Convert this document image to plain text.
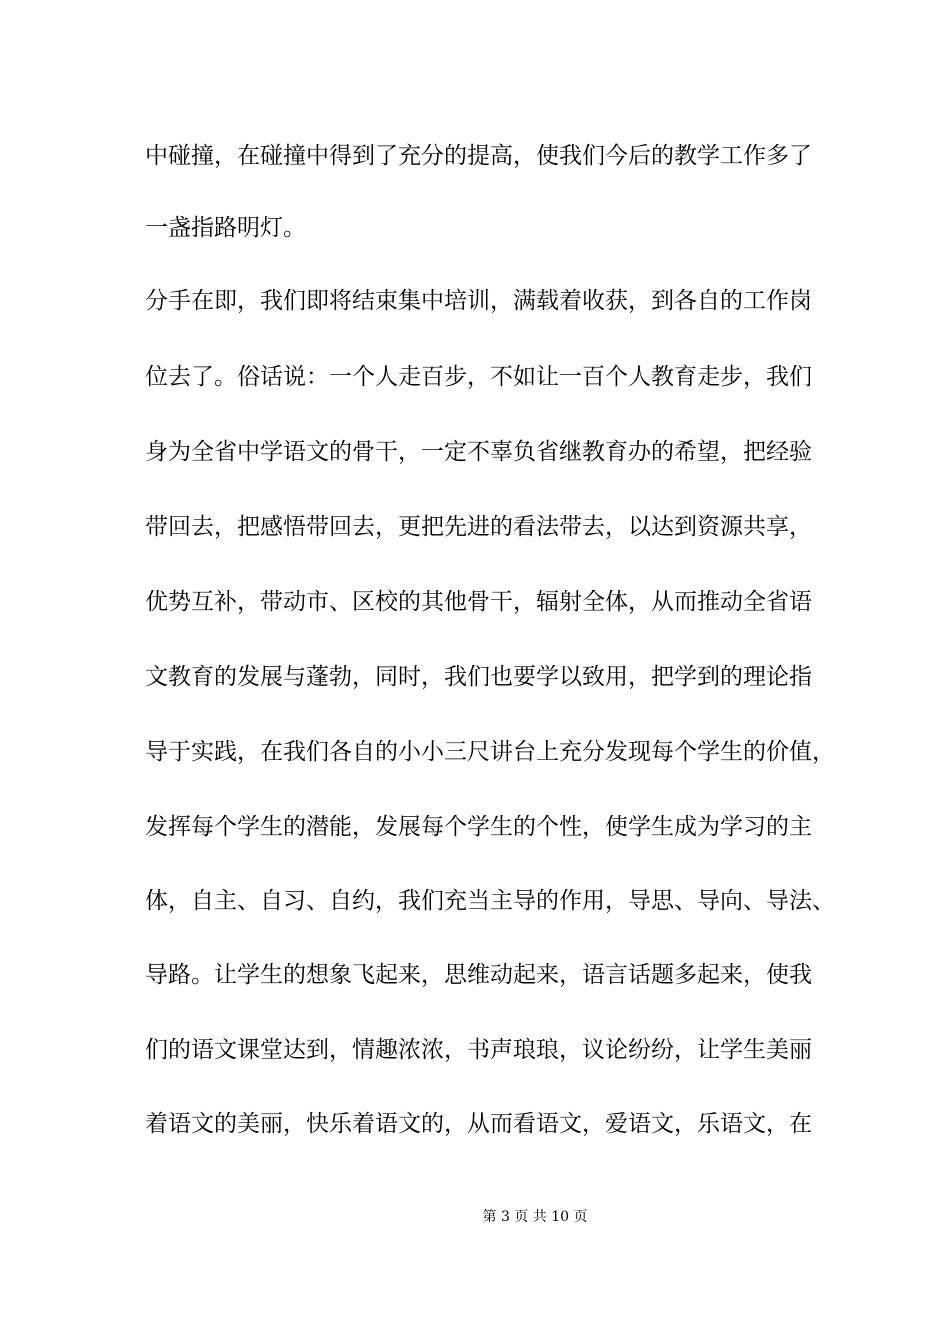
中碰撞，在碰撞中得到了充分的提高，使我们今后的教学工作多了
一盏指路明灯。
分手在即，我们即将结束集中培训，满载着收获，到各自的工作岗
位去了。俗话说：一个人走百步，不如让一百个人教育走步，我们
身为全省中学语文的骨干，一定不辜负省继教育办的希望，把经验
带回去，把感悟带回去，更把先进的看法带去，以达到资源共享，
优势互补，带动市、区校的其他骨干，辐射全体，从而推动全省语
文教育的发展与蓬勃，同时，我们也要学以致用，把学到的理论指
导于实践，在我们各自的小小三尺讲台上充分发现每个学生的价值，
发挥每个学生的潜能，发展每个学生的个性，使学生成为学习的主
体，自主、自习、自约，我们充当主导的作用，导思、导向、导法、
导路。让学生的想象飞起来，思维动起来，语言话题多起来，使我
们的语文课堂达到，情趣浓浓，书声琅琅，议论纷纷，让学生美丽
着语文的美丽，快乐着语文的，从而看语文，爱语文，乐语文，在
第 3 页 共 10 页
